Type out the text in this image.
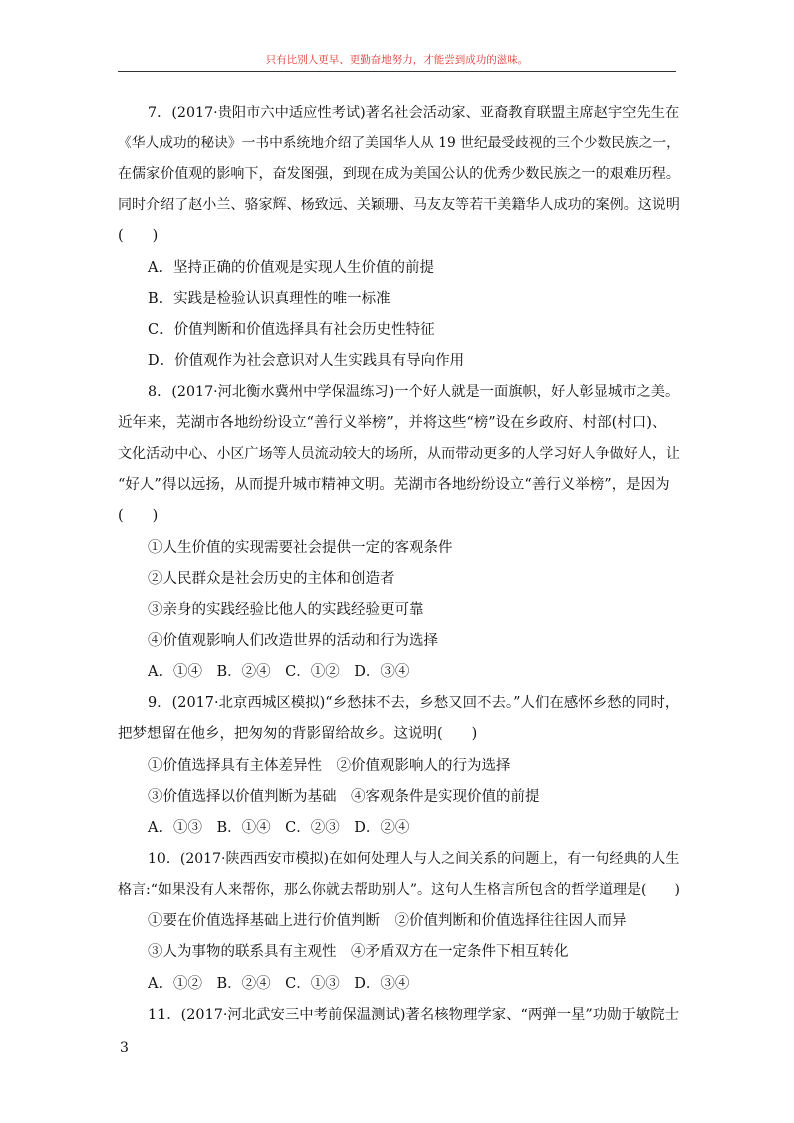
只有比别人更早、更勤奋地努力，才能尝到成功的滋味。
7．(2017·贵阳市六中适应性考试)著名社会活动家、亚裔教育联盟主席赵宇空先生在
《华人成功的秘诀》一书中系统地介绍了美国华人从 19 世纪最受歧视的三个少数民族之一，
在儒家价值观的影响下，奋发图强，到现在成为美国公认的优秀少数民族之一的艰难历程。
同时介绍了赵小兰、骆家辉、杨致远、关颖珊、马友友等若干美籍华人成功的案例。这说明
(　　)
A．坚持正确的价值观是实现人生价值的前提
B．实践是检验认识真理性的唯一标准
C．价值判断和价值选择具有社会历史性特征
D．价值观作为社会意识对人生实践具有导向作用
8．(2017·河北衡水冀州中学保温练习)一个好人就是一面旗帜，好人彰显城市之美。
近年来，芜湖市各地纷纷设立“善行义举榜”，并将这些“榜”设在乡政府、村部(村口)、
文化活动中心、小区广场等人员流动较大的场所，从而带动更多的人学习好人争做好人，让
“好人”得以远扬，从而提升城市精神文明。芜湖市各地纷纷设立“善行义举榜”，是因为
(　　)
①人生价值的实现需要社会提供一定的客观条件
②人民群众是社会历史的主体和创造者
③亲身的实践经验比他人的实践经验更可靠
④价值观影响人们改造世界的活动和行为选择
A．①④　B．②④　C．①②　D．③④
9．(2017·北京西城区模拟)“乡愁抹不去，乡愁又回不去。”人们在感怀乡愁的同时，
把梦想留在他乡，把匆匆的背影留给故乡。这说明(　　)
①价值选择具有主体差异性　②价值观影响人的行为选择
③价值选择以价值判断为基础　④客观条件是实现价值的前提
A．①③　B．①④　C．②③　D．②④
10．(2017·陕西西安市模拟)在如何处理人与人之间关系的问题上，有一句经典的人生
格言:“如果没有人来帮你，那么你就去帮助别人”。这句人生格言所包含的哲学道理是(　　)
①要在价值选择基础上进行价值判断　②价值判断和价值选择往往因人而异
③人为事物的联系具有主观性　④矛盾双方在一定条件下相互转化
A．①②　B．②④　C．①③　D．③④
11．(2017·河北武安三中考前保温测试)著名核物理学家、“两弹一星”功勋于敏院士
3
